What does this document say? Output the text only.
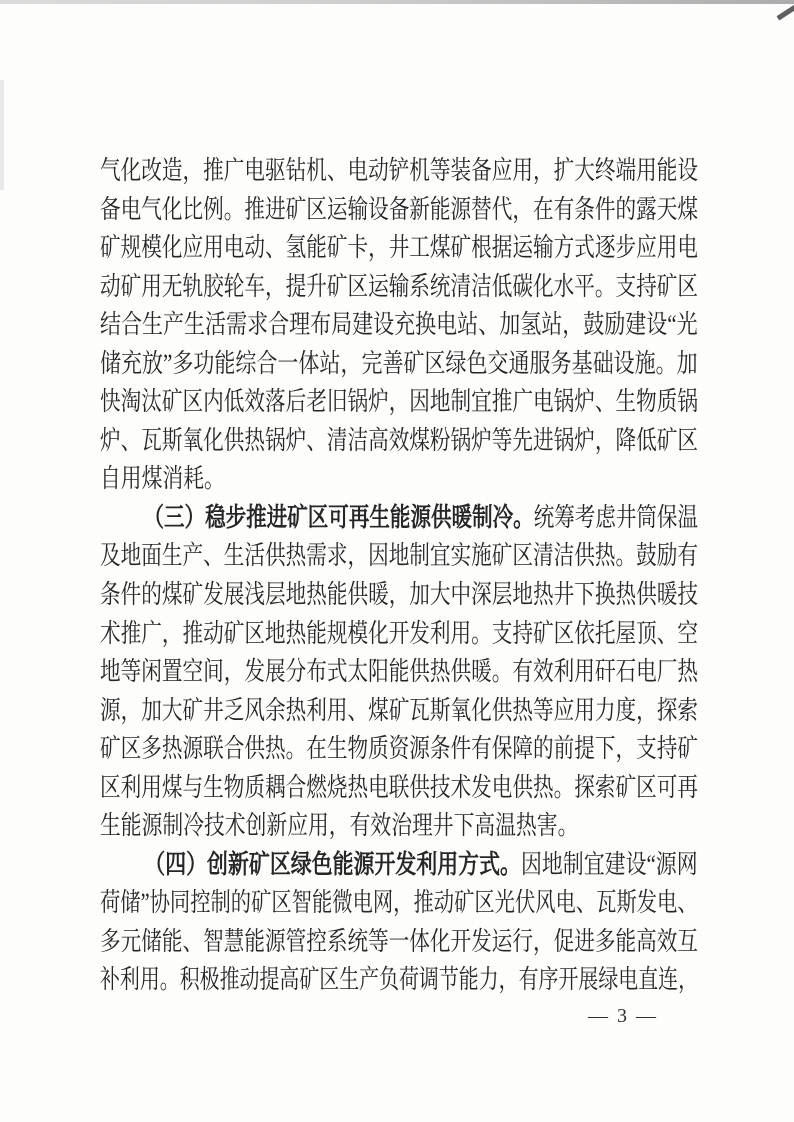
气化改造，推广电驱钻机、电动铲机等装备应用，扩大终端用能设
备电气化比例。推进矿区运输设备新能源替代，在有条件的露天煤
矿规模化应用电动、氢能矿卡，井工煤矿根据运输方式逐步应用电
动矿用无轨胶轮车，提升矿区运输系统清洁低碳化水平。支持矿区
结合生产生活需求合理布局建设充换电站、加氢站，鼓励建设“光
储充放”多功能综合一体站，完善矿区绿色交通服务基础设施。加
快淘汰矿区内低效落后老旧锅炉，因地制宜推广电锅炉、生物质锅
炉、瓦斯氧化供热锅炉、清洁高效煤粉锅炉等先进锅炉，降低矿区
自用煤消耗。
（三）稳步推进矿区可再生能源供暖制冷。统筹考虑井筒保温
及地面生产、生活供热需求，因地制宜实施矿区清洁供热。鼓励有
条件的煤矿发展浅层地热能供暖，加大中深层地热井下换热供暖技
术推广，推动矿区地热能规模化开发利用。支持矿区依托屋顶、空
地等闲置空间，发展分布式太阳能供热供暖。有效利用矸石电厂热
源，加大矿井乏风余热利用、煤矿瓦斯氧化供热等应用力度，探索
矿区多热源联合供热。在生物质资源条件有保障的前提下，支持矿
区利用煤与生物质耦合燃烧热电联供技术发电供热。探索矿区可再
生能源制冷技术创新应用，有效治理井下高温热害。
（四）创新矿区绿色能源开发利用方式。因地制宜建设“源网
荷储”协同控制的矿区智能微电网，推动矿区光伏风电、瓦斯发电、
多元储能、智慧能源管控系统等一体化开发运行，促进多能高效互
补利用。积极推动提高矿区生产负荷调节能力，有序开展绿电直连，
— 3 —
